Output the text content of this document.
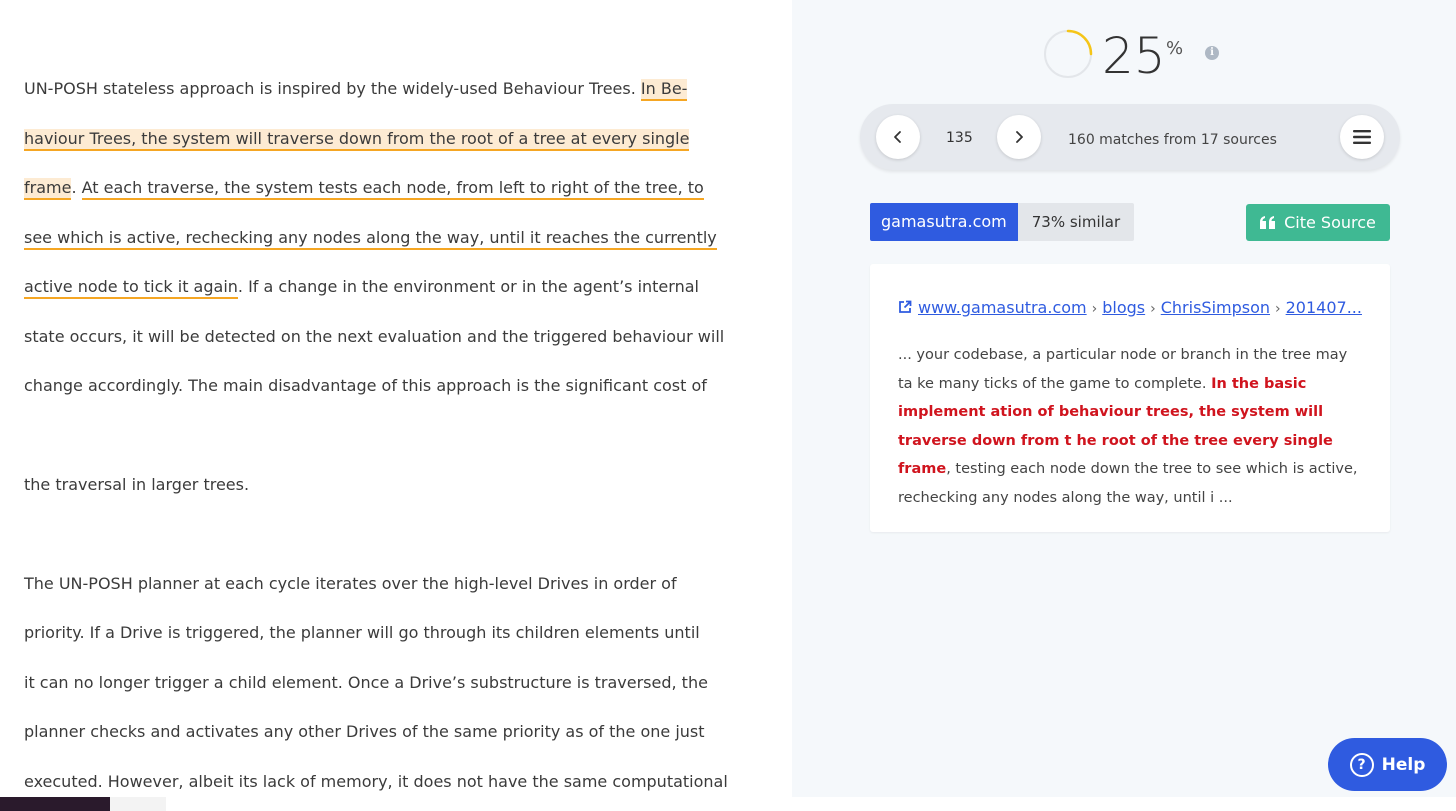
UN-POSH stateless approach is inspired by the widely-used Behaviour Trees. In Be-
haviour Trees, the system will traverse down from the root of a tree at every single
frame. At each traverse, the system tests each node, from left to right of the tree, to
see which is active, rechecking any nodes along the way, until it reaches the currently
active node to tick it again. If a change in the environment or in the agent’s internal
state occurs, it will be detected on the next evaluation and the triggered behaviour will
change accordingly. The main disadvantage of this approach is the significant cost of
the traversal in larger trees.
The UN-POSH planner at each cycle iterates over the high-level Drives in order of
priority. If a Drive is triggered, the planner will go through its children elements until
it can no longer trigger a child element. Once a Drive’s substructure is traversed, the
planner checks and activates any other Drives of the same priority as of the one just
executed. However, albeit its lack of memory, it does not have the same computational
25 %	i
135	160 matches from 17 sources
gamasutra.com	73% similar	Cite Source
www.gamasutra.com › blogs › ChrisSimpson › 201407...
... your codebase, a particular node or branch in the tree may ta ke many ticks of the game to complete. In the basic implement ation of behaviour trees, the system will traverse down from t he root of the tree every single frame, testing each node down the tree to see which is active, rechecking any nodes along the way, until i ...
? Help
